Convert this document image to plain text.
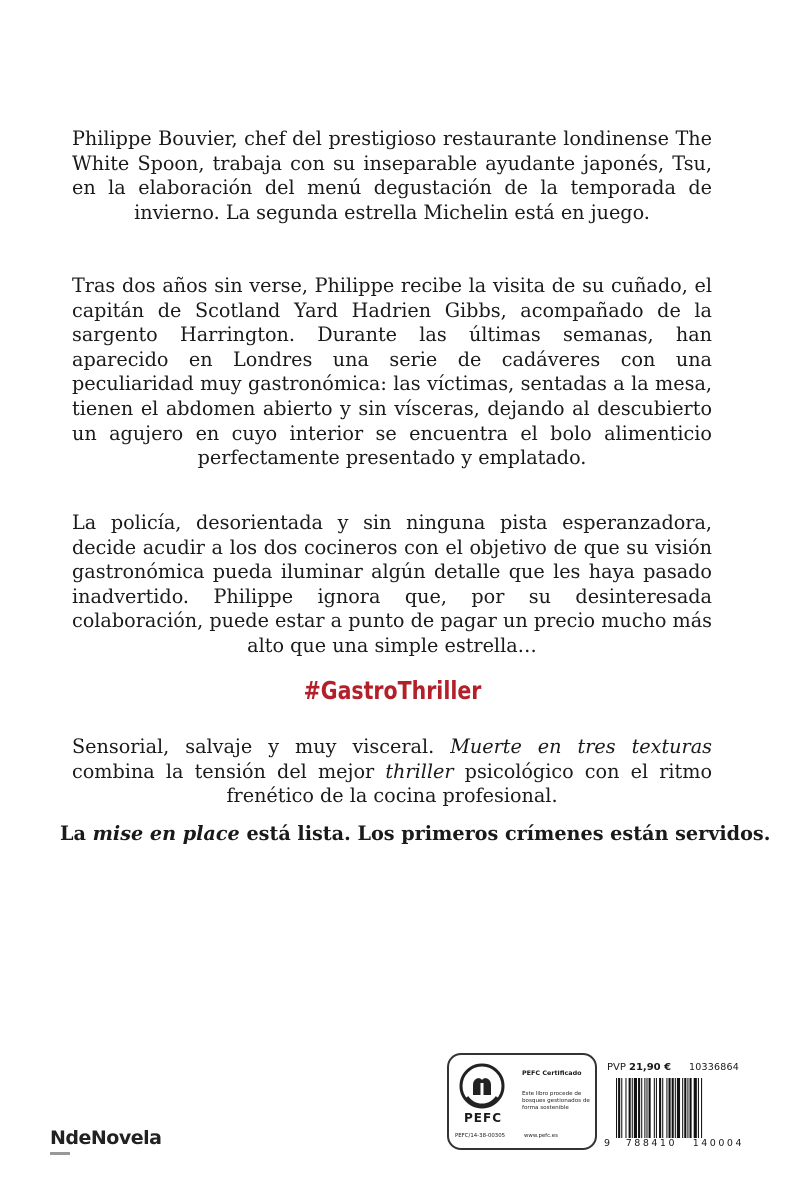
Philippe Bouvier, chef del prestigioso restaurante londinense The White Spoon, trabaja con su inseparable ayudante japonés, Tsu, en la elaboración del menú degustación de la temporada de invierno. La segunda estrella Michelin está en juego.
Tras dos años sin verse, Philippe recibe la visita de su cuñado, el capitán de Scotland Yard Hadrien Gibbs, acompañado de la sargento Harrington. Durante las últimas semanas, han aparecido en Londres una serie de cadáveres con una peculiaridad muy gastronómica: las víctimas, sentadas a la mesa, tienen el abdomen abierto y sin vísceras, dejando al descubierto un agujero en cuyo interior se encuentra el bolo alimenticio perfectamente presentado y emplatado.
La policía, desorientada y sin ninguna pista esperanzadora, decide acudir a los dos cocineros con el objetivo de que su visión gastronómica pueda iluminar algún detalle que les haya pasado inadvertido. Philippe ignora que, por su desinteresada colaboración, puede estar a punto de pagar un precio mucho más alto que una simple estrella…
#GastroThriller
Sensorial, salvaje y muy visceral. Muerte en tres texturas combina la tensión del mejor thriller psicológico con el ritmo frenético de la cocina profesional.
La mise en place está lista. Los primeros crímenes están servidos.
NdeNovela
PEFC
PEFC Certificado
Este libro procede de bosques gestionados de forma sostenible
PEFC/14-38-00305	www.pefc.es
PVP 21,90 € 10336864
9 788410 140004
